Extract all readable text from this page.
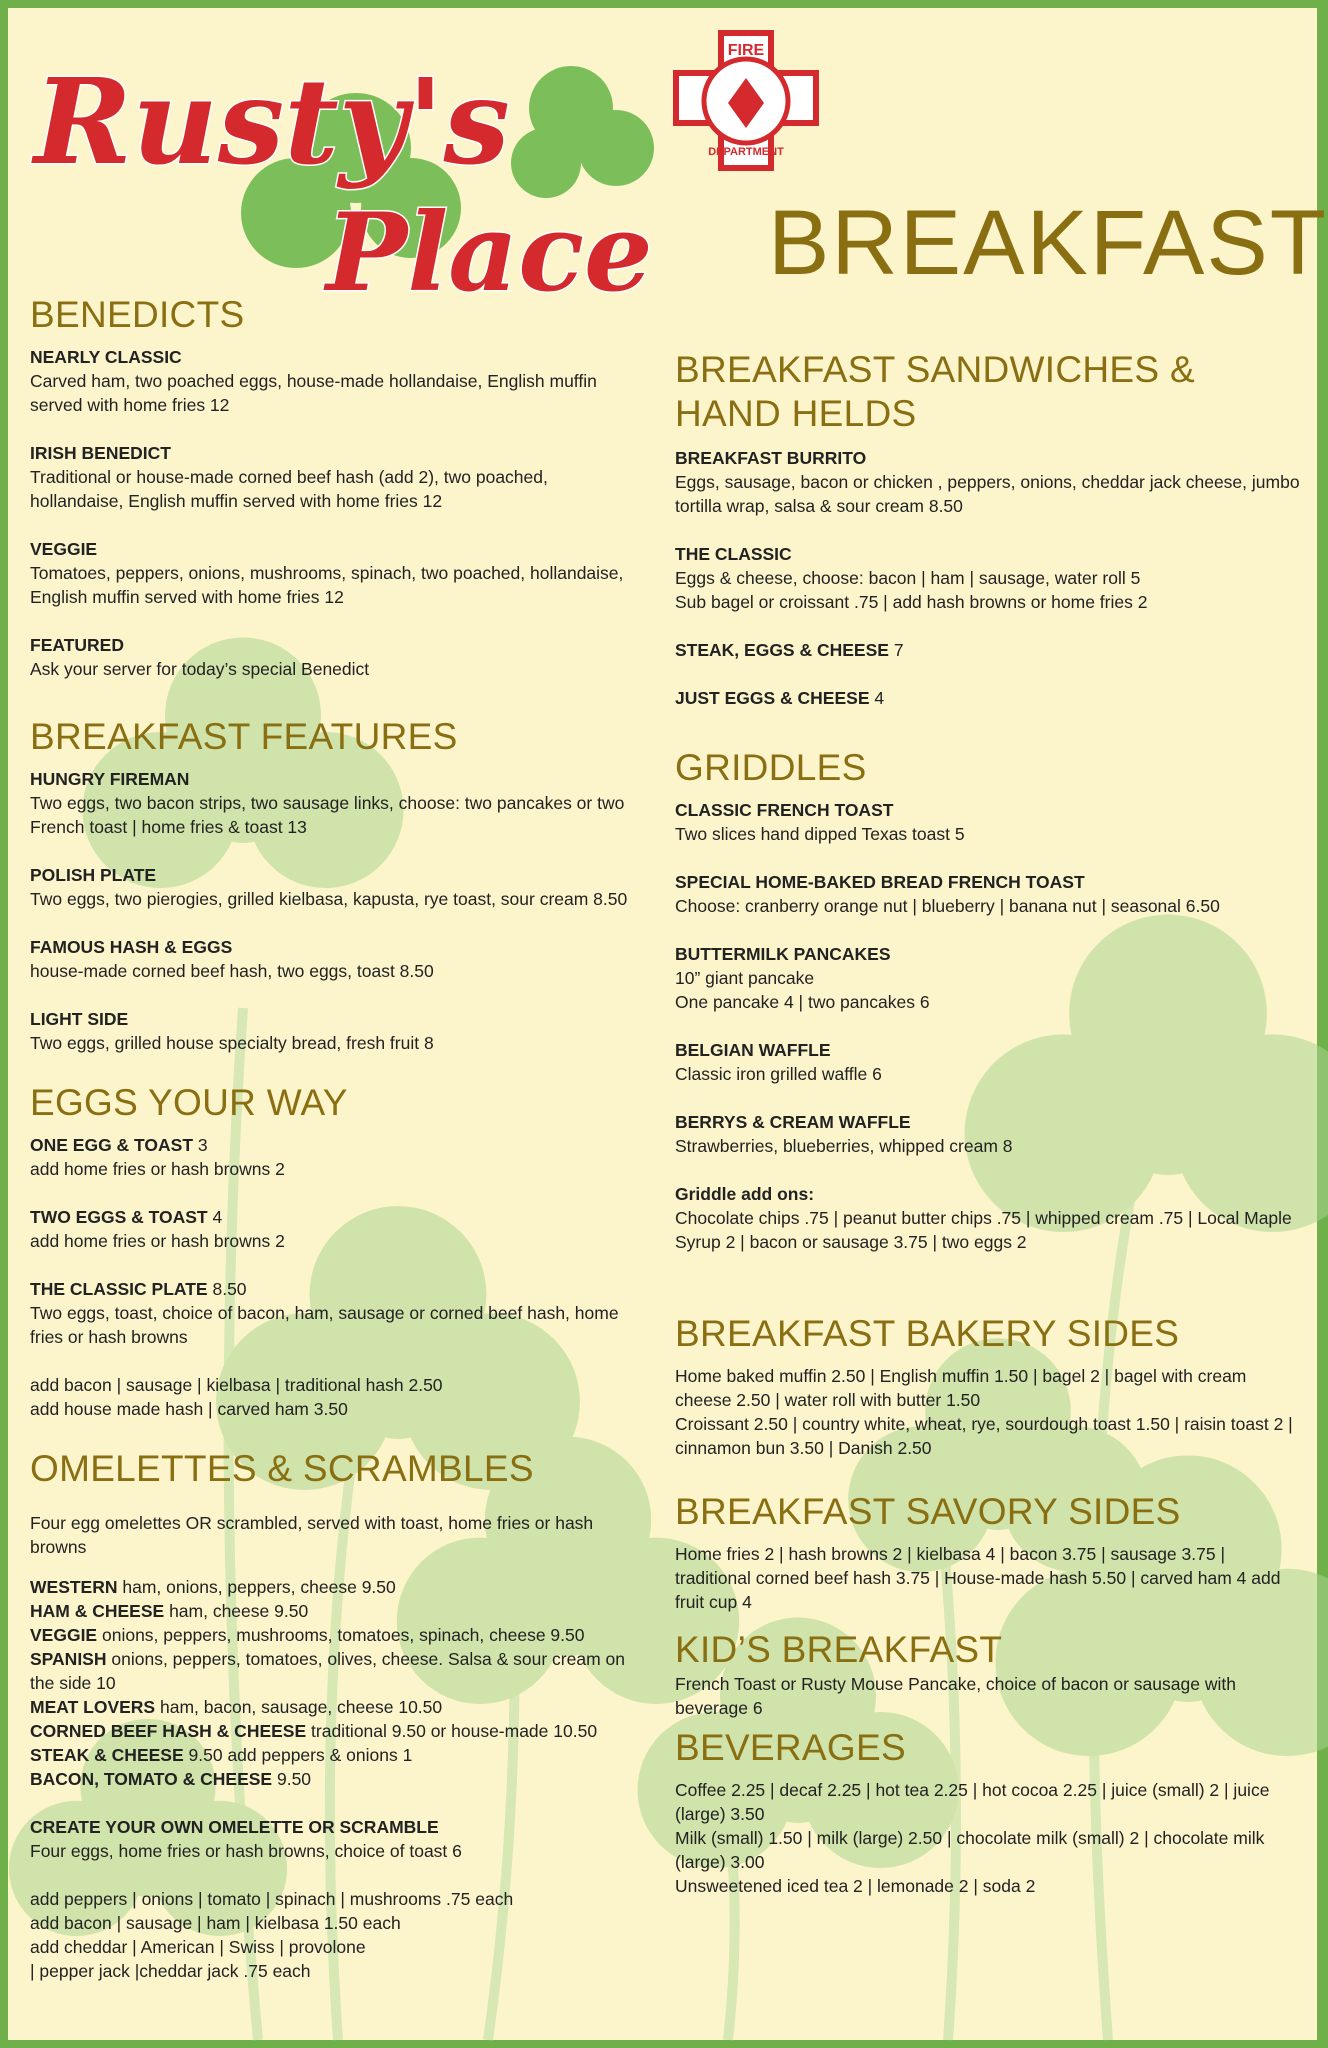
FIRE
DEPARTMENT
Rusty's
Place BREAKFAST
BENEDICTS
NEARLY CLASSIC
Carved ham, two poached eggs, house-made hollandaise, English muffin served with home fries 12
IRISH BENEDICT
Traditional or house-made corned beef hash (add 2), two poached, hollandaise, English muffin served with home fries 12
VEGGIE
Tomatoes, peppers, onions, mushrooms, spinach, two poached, hollandaise, English muffin served with home fries 12
FEATURED
Ask your server for today’s special Benedict
BREAKFAST FEATURES
HUNGRY FIREMAN
Two eggs, two bacon strips, two sausage links, choose: two pancakes or two French toast | home fries & toast 13
POLISH PLATE
Two eggs, two pierogies, grilled kielbasa, kapusta, rye toast, sour cream 8.50
FAMOUS HASH & EGGS
house-made corned beef hash, two eggs, toast 8.50
LIGHT SIDE
Two eggs, grilled house specialty bread, fresh fruit 8
EGGS YOUR WAY
ONE EGG & TOAST 3
add home fries or hash browns 2
TWO EGGS & TOAST 4
add home fries or hash browns 2
THE CLASSIC PLATE 8.50
Two eggs, toast, choice of bacon, ham, sausage or corned beef hash, home fries or hash browns
add bacon | sausage | kielbasa | traditional hash 2.50
add house made hash | carved ham 3.50
OMELETTES & SCRAMBLES
Four egg omelettes OR scrambled, served with toast, home fries or hash browns
WESTERN ham, onions, peppers, cheese 9.50
HAM & CHEESE ham, cheese 9.50
VEGGIE onions, peppers, mushrooms, tomatoes, spinach, cheese 9.50
SPANISH onions, peppers, tomatoes, olives, cheese. Salsa & sour cream on the side 10
MEAT LOVERS ham, bacon, sausage, cheese 10.50
CORNED BEEF HASH & CHEESE traditional 9.50 or house-made 10.50
STEAK & CHEESE 9.50 add peppers & onions 1
BACON, TOMATO & CHEESE 9.50
CREATE YOUR OWN OMELETTE OR SCRAMBLE
Four eggs, home fries or hash browns, choice of toast 6
add peppers | onions | tomato | spinach | mushrooms .75 each
add bacon | sausage | ham | kielbasa 1.50 each
add cheddar | American | Swiss | provolone
| pepper jack |cheddar jack .75 each
BREAKFAST SANDWICHES &
HAND HELDS
BREAKFAST BURRITO
Eggs, sausage, bacon or chicken , peppers, onions, cheddar jack cheese, jumbo tortilla wrap, salsa & sour cream 8.50
THE CLASSIC
Eggs & cheese, choose: bacon | ham | sausage, water roll 5
Sub bagel or croissant .75 | add hash browns or home fries 2
STEAK, EGGS & CHEESE 7
JUST EGGS & CHEESE 4
GRIDDLES
CLASSIC FRENCH TOAST
Two slices hand dipped Texas toast 5
SPECIAL HOME-BAKED BREAD FRENCH TOAST
Choose: cranberry orange nut | blueberry | banana nut | seasonal 6.50
BUTTERMILK PANCAKES
10” giant pancake
One pancake 4 | two pancakes 6
BELGIAN WAFFLE
Classic iron grilled waffle 6
BERRYS & CREAM WAFFLE
Strawberries, blueberries, whipped cream 8
Griddle add ons:
Chocolate chips .75 | peanut butter chips .75 | whipped cream .75 | Local Maple Syrup 2 | bacon or sausage 3.75 | two eggs 2
BREAKFAST BAKERY SIDES
Home baked muffin 2.50 | English muffin 1.50 | bagel 2 | bagel with cream cheese 2.50 | water roll with butter 1.50
Croissant 2.50 | country white, wheat, rye, sourdough toast 1.50 | raisin toast 2 | cinnamon bun 3.50 | Danish 2.50
BREAKFAST SAVORY SIDES
Home fries 2 | hash browns 2 | kielbasa 4 | bacon 3.75 | sausage 3.75 | traditional corned beef hash 3.75 | House-made hash 5.50 | carved ham 4 add fruit cup 4
KID’S BREAKFAST
French Toast or Rusty Mouse Pancake, choice of bacon or sausage with beverage 6
BEVERAGES
Coffee 2.25 | decaf 2.25 | hot tea 2.25 | hot cocoa 2.25 | juice (small) 2 | juice (large) 3.50
Milk (small) 1.50 | milk (large) 2.50 | chocolate milk (small) 2 | chocolate milk (large) 3.00
Unsweetened iced tea 2 | lemonade 2 | soda 2
